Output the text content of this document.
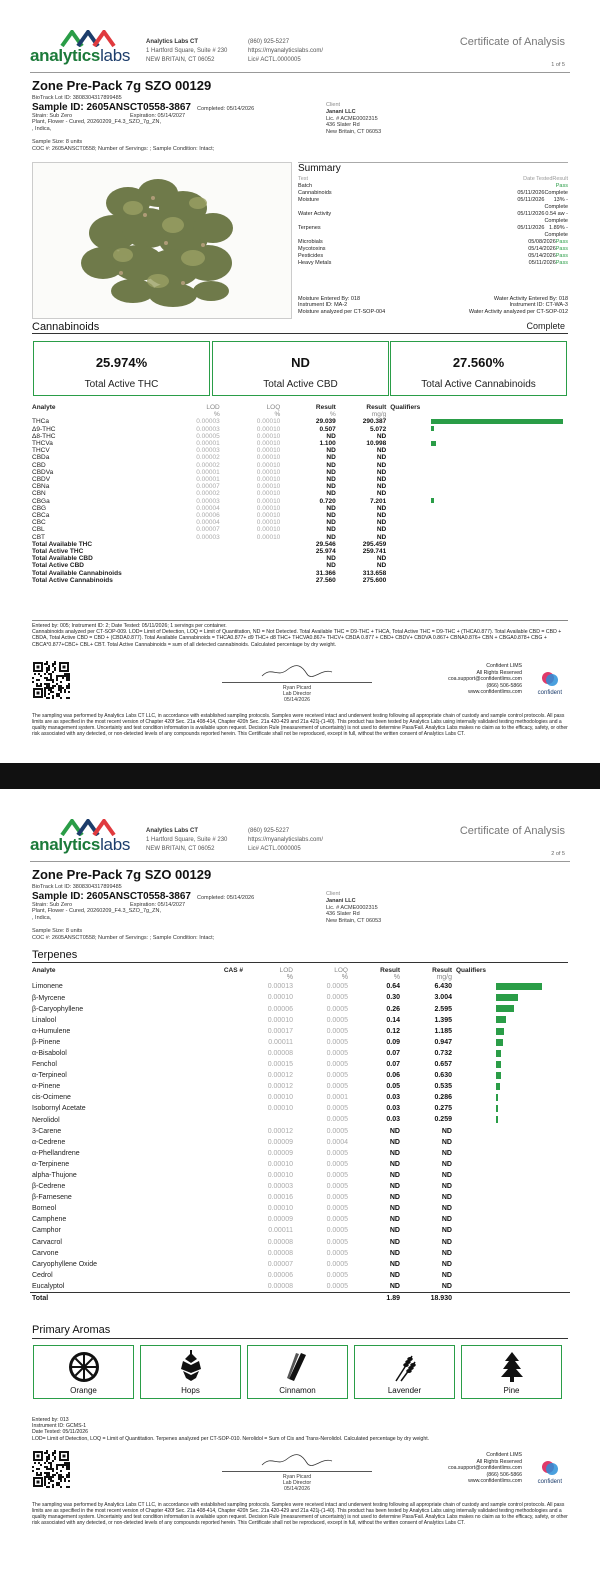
analyticslabs
Analytics Labs CT
1 Hartford Square, Suite # 230
NEW BRITAIN, CT 06052
(860) 925-5227
https://myanalyticslabs.com/
Lic# ACTL.0000005
Certificate of Analysis
1 of 5
Zone Pre-Pack 7g SZO 00129
BioTrack Lot ID: 3808304317899485
Sample ID: 2605ANSCT0558-3867 Completed: 05/14/2026
Strain: Sub Zero	Expiration: 05/14/2027
Plant, Flower - Cured, 20260209_F4.3_SZO_7g_ZN,
, Indica,
Sample Size: 8 units
COC #: 2605ANSCT0558; Number of Servings: ; Sample Condition: Intact;
Client
Janani LLC
Lic. # ACME0002315
436 Slater Rd
New Britain, CT 06053
Summary
Test	Date Tested Result
Batch	Pass
Cannabinoids	05/11/2026 Complete
Moisture	05/11/2026	13% - Complete
Water Activity	05/11/2026 0.54 aw - Complete
Terpenes	05/11/2026 1.89% - Complete
Microbials	05/08/2026 Pass
Mycotoxins	05/14/2026 Pass
Pesticides	05/14/2026 Pass
Heavy Metals	05/11/2026 Pass
Moisture Entered By: 018
Instrument ID: MA-2
Moisture analyzed per CT-SOP-004
Water Activity Entered By: 018
Instrument ID: CT-WA-3
Water Activity analyzed per CT-SOP-012
Cannabinoids	Complete
25.974%
Total Active THC
ND
Total Active CBD
27.560%
Total Active Cannabinoids
Analyte	LOD	LOQ	Result	Result	Qualifiers	
	%	%	%	mg/g		
THCa	0.00003	0.00010	29.039	290.387		
Δ9-THC	0.00003	0.00010	0.507	5.072		
Δ8-THC	0.00005	0.00010	ND	ND		
THCVa	0.00001	0.00010	1.100	10.998		
THCV	0.00003	0.00010	ND	ND		
CBDa	0.00002	0.00010	ND	ND		
CBD	0.00002	0.00010	ND	ND		
CBDVa	0.00001	0.00010	ND	ND		
CBDV	0.00001	0.00010	ND	ND		
CBNa	0.00007	0.00010	ND	ND		
CBN	0.00002	0.00010	ND	ND		
CBGa	0.00003	0.00010	0.720	7.201		
CBG	0.00004	0.00010	ND	ND		
CBCa	0.00006	0.00010	ND	ND		
CBC	0.00004	0.00010	ND	ND		
CBL	0.00007	0.00010	ND	ND		
CBT	0.00003	0.00010	ND	ND		
Total Available THC			29.546	295.459		
Total Active THC			25.974	259.741		
Total Available CBD			ND	ND		
Total Active CBD			ND	ND		
Total Available Cannabinoids			31.366	313.658		
Total Active Cannabinoids			27.560	275.600		
Entered by: 005; Instrument ID: 2; Date Tested: 05/11/2026; 1 servings per container.
Cannabinoids analyzed per CT-SOP-009. LOD= Limit of Detection, LOQ = Limit of Quantitation, ND = Not Detected. Total Available THC = D9-THC + THCA, Total Active THC = D9-THC + (THCA0.877). Total Available CBD = CBD + CBDA, Total Active CBD = CBD + (CBDA0.877). Total Available Cannabinoids = THCA0.877+ d9 THC+ d8 THC+ THCVA0.867+ THCV+ CBDA 0.877 + CBD+ CBDV+ CBDVA 0.867+ CBNA0.876+ CBN + CBGA0.878+ CBG + CBCA*0.877+CBC+ CBL+ CBT. Total Active Cannabinoids = sum of all detected cannabinoids. Calculated percentage by dry weight.
Ryan Picard
Lab Director
05/14/2026
Confident LIMS
All Rights Reserved
coa.support@confidentlims.com
(866) 506-5866
www.confidentlims.com	confident
The sampling was performed by Analytics Labs CT LLC, in accordance with established sampling protocols. Samples were received intact and underwent testing following all appropriate chain of custody and sample control protocols. All pass limits are as specified in the most recent version of Chapter 420f Sec. 21a 408-414, Chapter 420h Sec. 21a 420-429 and 21a 421j-(1-40). This product has been tested by Analytics Labs using internally validated testing methodologies and a quality management system. Uncertainty and test condition information is available upon request. Decision Rule (measurement of uncertainty) is not used to determine Pass/Fail. Analytics Labs makes no claim as to the efficacy, safety, or other risk associated with any detected, or non-detected levels of any compounds reported herein. This Certificate shall not be reproduced, except in full, without the written consent of Analytics Labs CT.
analyticslabs
Analytics Labs CT
1 Hartford Square, Suite # 230
NEW BRITAIN, CT 06052
(860) 925-5227
https://myanalyticslabs.com/
Lic# ACTL.0000005
Certificate of Analysis
2 of 5
Zone Pre-Pack 7g SZO 00129
BioTrack Lot ID: 3808304317899485
Sample ID: 2605ANSCT0558-3867 Completed: 05/14/2026
Strain: Sub Zero	Expiration: 05/14/2027
Plant, Flower - Cured, 20260209_F4.3_SZO_7g_ZN,
, Indica,
Sample Size: 8 units
COC #: 2605ANSCT0558; Number of Servings: ; Sample Condition: Intact;
Client
Janani LLC
Lic. # ACME0002315
436 Slater Rd
New Britain, CT 06053
Terpenes
Analyte	CAS #	LOD	LOQ	Result	Result	Qualifiers	
		%	%	%	mg/g		
Limonene		0.00013	0.0005	0.64	6.430		
β-Myrcene		0.00010	0.0005	0.30	3.004		
β-Caryophyllene		0.00006	0.0005	0.26	2.595		
Linalool		0.00010	0.0005	0.14	1.395		
α-Humulene		0.00017	0.0005	0.12	1.185		
β-Pinene		0.00011	0.0005	0.09	0.947		
α-Bisabolol		0.00008	0.0005	0.07	0.732		
Fenchol		0.00015	0.0005	0.07	0.657		
α-Terpineol		0.00012	0.0005	0.06	0.630		
α-Pinene		0.00012	0.0005	0.05	0.535		
cis-Ocimene		0.00010	0.0001	0.03	0.286		
Isobornyl Acetate		0.00010	0.0005	0.03	0.275		
Nerolidol			0.0005	0.03	0.259		
3-Carene		0.00012	0.0005	ND	ND		
α-Cedrene		0.00009	0.0004	ND	ND		
α-Phellandrene		0.00009	0.0005	ND	ND		
α-Terpinene		0.00010	0.0005	ND	ND		
alpha-Thujone		0.00010	0.0005	ND	ND		
β-Cedrene		0.00003	0.0005	ND	ND		
β-Farnesene		0.00016	0.0005	ND	ND		
Borneol		0.00010	0.0005	ND	ND		
Camphene		0.00009	0.0005	ND	ND		
Camphor		0.00011	0.0005	ND	ND		
Carvacrol		0.00008	0.0005	ND	ND		
Carvone		0.00008	0.0005	ND	ND		
Caryophyllene Oxide		0.00007	0.0005	ND	ND		
Cedrol		0.00006	0.0005	ND	ND		
Eucalyptol		0.00008	0.0005	ND	ND		
Total				1.89	18.930		
Primary Aromas
Orange	Hops	Cinnamon	Lavender	Pine
Entered by: 013
Instrument ID: GCMS-1
Date Tested: 05/11/2026
LOD= Limit of Detection, LOQ = Limit of Quantitation. Terpenes analyzed per CT-SOP-010. Nerolidol = Sum of Cis and Trans-Nerolidol. Calculated percentage by dry weight.
Ryan Picard
Lab Director
05/14/2026
Confident LIMS
All Rights Reserved
coa.support@confidentlims.com
(866) 506-5866
www.confidentlims.com	confident
The sampling was performed by Analytics Labs CT LLC, in accordance with established sampling protocols. Samples were received intact and underwent testing following all appropriate chain of custody and sample control protocols. All pass limits are as specified in the most recent version of Chapter 420f Sec. 21a 408-414, Chapter 420h Sec. 21a 420-429 and 21a 421j-(1-40). This product has been tested by Analytics Labs using internally validated testing methodologies and a quality management system. Uncertainty and test condition information is available upon request. Decision Rule (measurement of uncertainty) is not used to determine Pass/Fail. Analytics Labs makes no claim as to the efficacy, safety, or other risk associated with any detected, or non-detected levels of any compounds reported herein. This Certificate shall not be reproduced, except in full, without the written consent of Analytics Labs CT.
